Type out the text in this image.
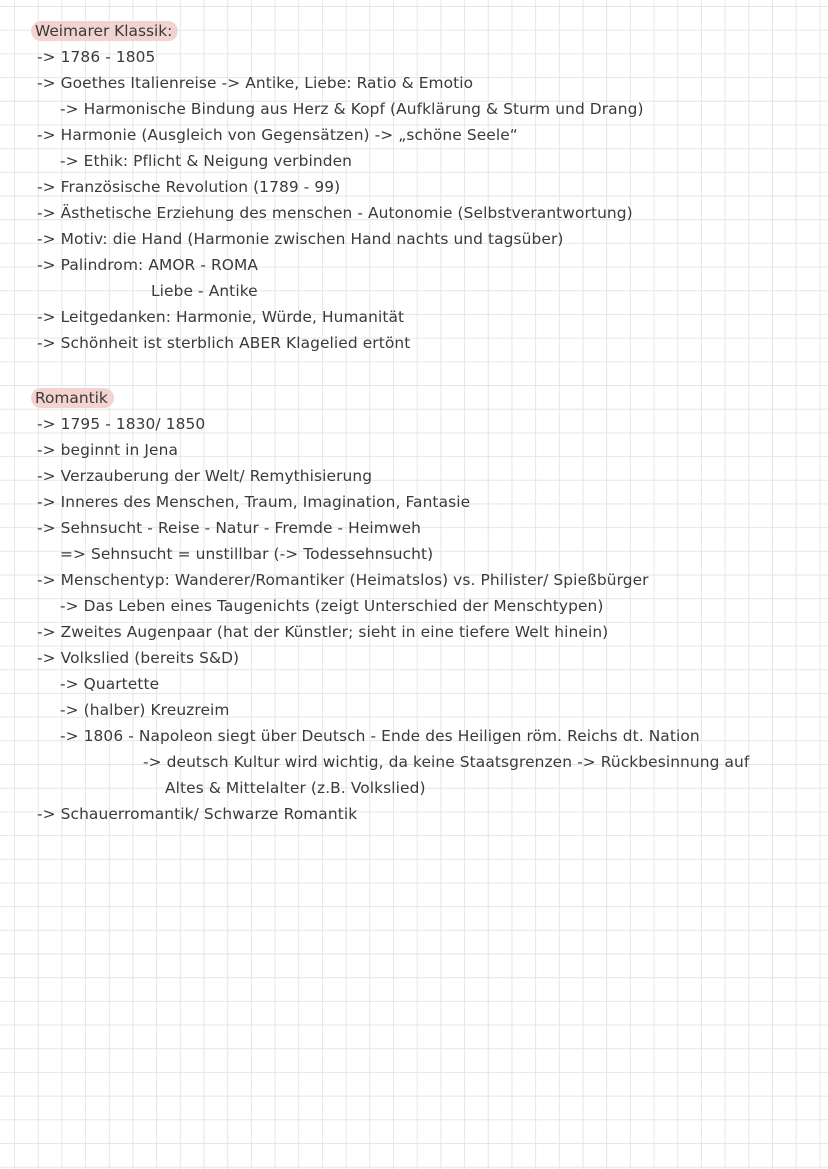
Weimarer Klassik:
-> 1786 - 1805
-> Goethes Italienreise -> Antike, Liebe: Ratio & Emotio
-> Harmonische Bindung aus Herz & Kopf (Aufklärung & Sturm und Drang)
-> Harmonie (Ausgleich von Gegensätzen) -> „schöne Seele“
-> Ethik: Pflicht & Neigung verbinden
-> Französische Revolution (1789 - 99)
-> Ästhetische Erziehung des menschen - Autonomie (Selbstverantwortung)
-> Motiv: die Hand (Harmonie zwischen Hand nachts und tagsüber)
-> Palindrom: AMOR - ROMA
Liebe - Antike
-> Leitgedanken: Harmonie, Würde, Humanität
-> Schönheit ist sterblich ABER Klagelied ertönt
Romantik
-> 1795 - 1830/ 1850
-> beginnt in Jena
-> Verzauberung der Welt/ Remythisierung
-> Inneres des Menschen, Traum, Imagination, Fantasie
-> Sehnsucht - Reise - Natur - Fremde - Heimweh
=> Sehnsucht = unstillbar (-> Todessehnsucht)
-> Menschentyp: Wanderer/Romantiker (Heimatslos) vs. Philister/ Spießbürger
-> Das Leben eines Taugenichts (zeigt Unterschied der Menschtypen)
-> Zweites Augenpaar (hat der Künstler; sieht in eine tiefere Welt hinein)
-> Volkslied (bereits S&D)
-> Quartette
-> (halber) Kreuzreim
-> 1806 - Napoleon siegt über Deutsch - Ende des Heiligen röm. Reichs dt. Nation
-> deutsch Kultur wird wichtig, da keine Staatsgrenzen -> Rückbesinnung auf
Altes & Mittelalter (z.B. Volkslied)
-> Schauerromantik/ Schwarze Romantik
